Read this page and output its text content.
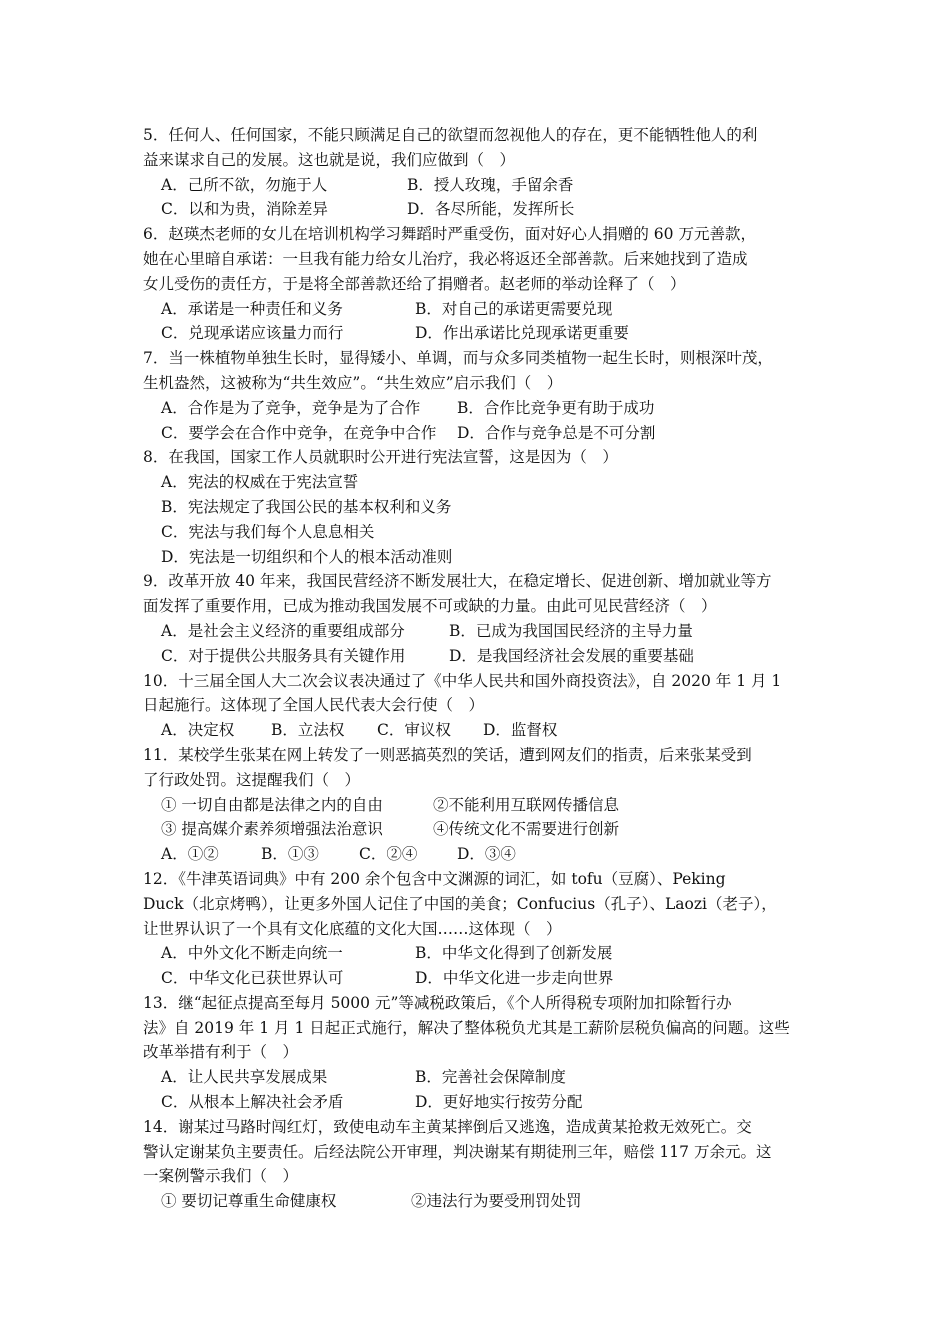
5．任何人、任何国家，不能只顾满足自己的欲望而忽视他人的存在，更不能牺牲他人的利
益来谋求自己的发展。这也就是说，我们应做到（　）
A．己所不欲，勿施于人	B．授人玫瑰，手留余香
C．以和为贵，消除差异	D．各尽所能，发挥所长
6．赵瑛杰老师的女儿在培训机构学习舞蹈时严重受伤，面对好心人捐赠的 60 万元善款，
她在心里暗自承诺：一旦我有能力给女儿治疗，我必将返还全部善款。后来她找到了造成
女儿受伤的责任方，于是将全部善款还给了捐赠者。赵老师的举动诠释了（　）
A．承诺是一种责任和义务	B．对自己的承诺更需要兑现
C．兑现承诺应该量力而行	D．作出承诺比兑现承诺更重要
7．当一株植物单独生长时，显得矮小、单调，而与众多同类植物一起生长时，则根深叶茂，
生机盎然，这被称为“共生效应”。“共生效应”启示我们（　）
A．合作是为了竞争，竞争是为了合作	B．合作比竞争更有助于成功
C．要学会在合作中竞争，在竞争中合作	D．合作与竞争总是不可分割
8．在我国，国家工作人员就职时公开进行宪法宣誓，这是因为（　）
A．宪法的权威在于宪法宣誓
B．宪法规定了我国公民的基本权利和义务
C．宪法与我们每个人息息相关
D．宪法是一切组织和个人的根本活动准则
9．改革开放 40 年来，我国民营经济不断发展壮大，在稳定增长、促进创新、增加就业等方
面发挥了重要作用，已成为推动我国发展不可或缺的力量。由此可见民营经济（　）
A．是社会主义经济的重要组成部分	B．已成为我国国民经济的主导力量
C．对于提供公共服务具有关键作用	D．是我国经济社会发展的重要基础
10．十三届全国人大二次会议表决通过了《中华人民共和国外商投资法》，自 2020 年 1 月 1
日起施行。这体现了全国人民代表大会行使（　）
A．决定权	B．立法权	C．审议权	D．监督权
11．某校学生张某在网上转发了一则恶搞英烈的笑话，遭到网友们的指责，后来张某受到
了行政处罚。这提醒我们（　）
① 一切自由都是法律之内的自由	②不能利用互联网传播信息
③ 提高媒介素养须增强法治意识	④传统文化不需要进行创新
A．①②	B．①③	C．②④	D．③④
12．《牛津英语词典》中有 200 余个包含中文渊源的词汇，如 tofu（豆腐）、Peking
Duck（北京烤鸭），让更多外国人记住了中国的美食；Confucius（孔子）、Laozi（老子），
让世界认识了一个具有文化底蕴的文化大国……这体现（　）
A．中外文化不断走向统一	B．中华文化得到了创新发展
C．中华文化已获世界认可	D．中华文化进一步走向世界
13．继“起征点提高至每月 5000 元”等减税政策后，《个人所得税专项附加扣除暂行办
法》自 2019 年 1 月 1 日起正式施行，解决了整体税负尤其是工薪阶层税负偏高的问题。这些
改革举措有利于（　）
A．让人民共享发展成果	B．完善社会保障制度
C．从根本上解决社会矛盾	D．更好地实行按劳分配
14．谢某过马路时闯红灯，致使电动车主黄某摔倒后又逃逸，造成黄某抢救无效死亡。交
警认定谢某负主要责任。后经法院公开审理，判决谢某有期徒刑三年，赔偿 117 万余元。这
一案例警示我们（　）
① 要切记尊重生命健康权	②违法行为要受刑罚处罚
